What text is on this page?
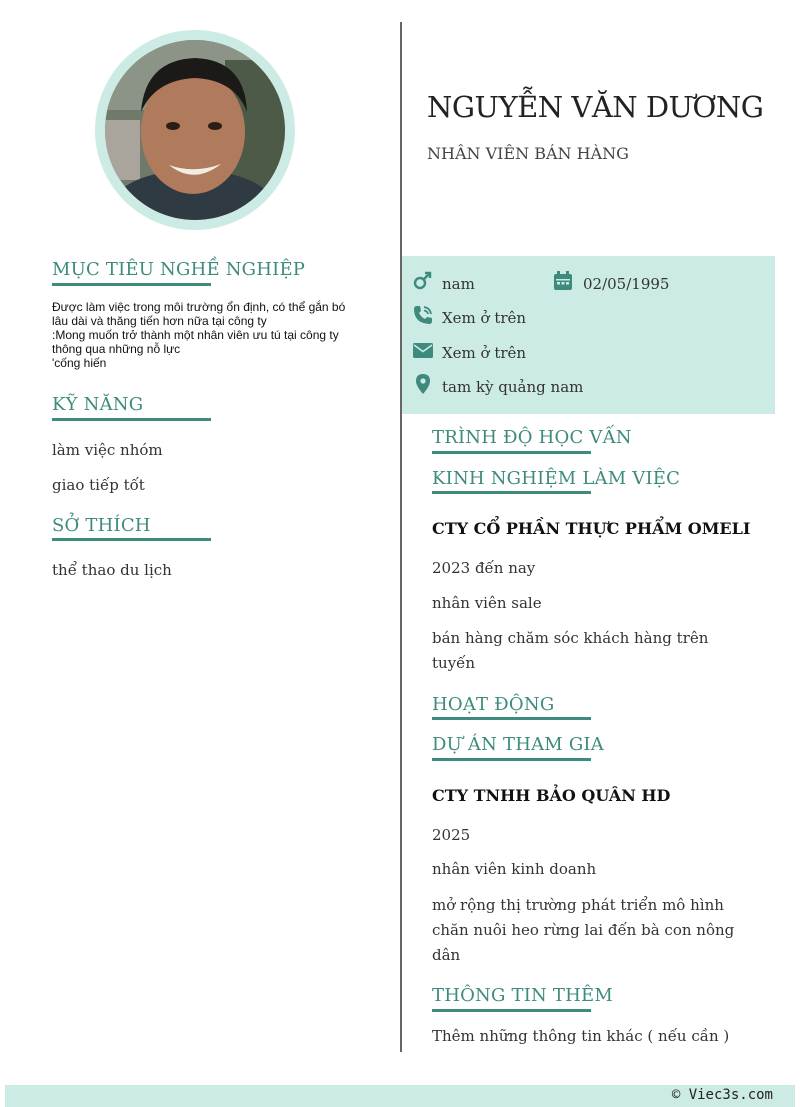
MỤC TIÊU NGHỀ NGHIỆP
Được làm việc trong môi trường ổn định, có thể gắn bó
lâu dài và thăng tiến hơn nữa tại công ty
:Mong muốn trở thành một nhân viên ưu tú tại công ty
thông qua những nỗ lực
'cống hiến
KỸ NĂNG
làm việc nhóm
giao tiếp tốt
SỞ THÍCH
thể thao du lịch
NGUYỄN VĂN DƯƠNG
NHÂN VIÊN BÁN HÀNG
nam	02/05/1995
Xem ở trên
Xem ở trên
tam kỳ quảng nam
TRÌNH ĐỘ HỌC VẤN
KINH NGHIỆM LÀM VIỆC
CTY CỔ PHẦN THỰC PHẨM OMELI
2023 đến nay
nhân viên sale
bán hàng chăm sóc khách hàng trên tuyến
HOẠT ĐỘNG
DỰ ÁN THAM GIA
CTY TNHH BẢO QUÂN HD
2025
nhân viên kinh doanh
mở rộng thị trường phát triển mô hình chăn nuôi heo rừng lai đến bà con nông dân
THÔNG TIN THÊM
Thêm những thông tin khác ( nếu cần )
© Viec3s.com
